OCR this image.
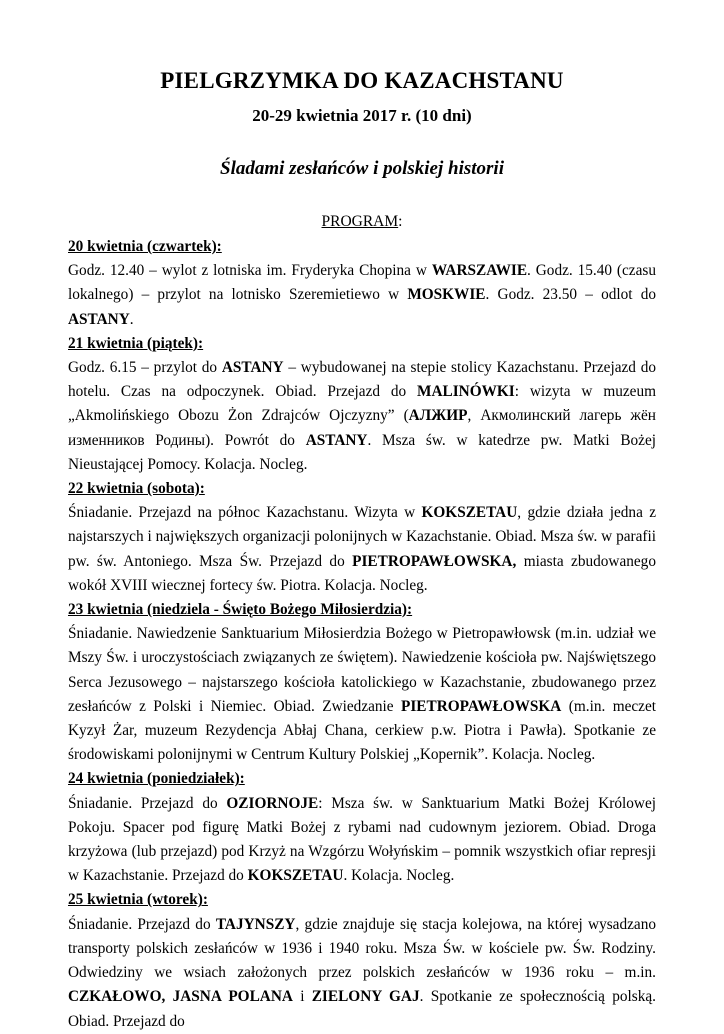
PIELGRZYMKA DO KAZACHSTANU
20-29 kwietnia 2017 r. (10 dni)
Śladami zesłańców i polskiej historii
PROGRAM:
20 kwietnia (czwartek):
Godz. 12.40 – wylot z lotniska im. Fryderyka Chopina w WARSZAWIE. Godz. 15.40 (czasu lokalnego) – przylot na lotnisko Szeremietiewo w MOSKWIE. Godz. 23.50 – odlot do ASTANY.
21 kwietnia (piątek):
Godz. 6.15 – przylot do ASTANY – wybudowanej na stepie stolicy Kazachstanu. Przejazd do hotelu. Czas na odpoczynek. Obiad. Przejazd do MALINÓWKI: wizyta w muzeum „Akmolińskiego Obozu Żon Zdrajców Ojczyzny” (АЛЖИР, Акмолинский лагерь жён изменников Родины). Powrót do ASTANY. Msza św. w katedrze pw. Matki Bożej Nieustającej Pomocy. Kolacja. Nocleg.
22 kwietnia (sobota):
Śniadanie. Przejazd na północ Kazachstanu. Wizyta w KOKSZETAU, gdzie działa jedna z najstarszych i największych organizacji polonijnych w Kazachstanie. Obiad. Msza św. w parafii pw. św. Antoniego. Msza Św. Przejazd do PIETROPAWŁOWSKA, miasta zbudowanego wokół XVIII wiecznej fortecy św. Piotra. Kolacja. Nocleg.
23 kwietnia (niedziela - Święto Bożego Miłosierdzia):
Śniadanie. Nawiedzenie Sanktuarium Miłosierdzia Bożego w Pietropawłowsk (m.in. udział we Mszy Św. i uroczystościach związanych ze świętem). Nawiedzenie kościoła pw. Najświętszego Serca Jezusowego – najstarszego kościoła katolickiego w Kazachstanie, zbudowanego przez zesłańców z Polski i Niemiec. Obiad. Zwiedzanie PIETROPAWŁOWSKA (m.in. meczet Kyzył Żar, muzeum Rezydencja Abłaj Chana, cerkiew p.w. Piotra i Pawła). Spotkanie ze środowiskami polonijnymi w Centrum Kultury Polskiej „Kopernik”. Kolacja. Nocleg.
24 kwietnia (poniedziałek):
Śniadanie. Przejazd do OZIORNOJE: Msza św. w Sanktuarium Matki Bożej Królowej Pokoju. Spacer pod figurę Matki Bożej z rybami nad cudownym jeziorem. Obiad. Droga krzyżowa (lub przejazd) pod Krzyż na Wzgórzu Wołyńskim – pomnik wszystkich ofiar represji w Kazachstanie. Przejazd do KOKSZETAU. Kolacja. Nocleg.
25 kwietnia (wtorek):
Śniadanie. Przejazd do TAJYNSZY, gdzie znajduje się stacja kolejowa, na której wysadzano transporty polskich zesłańców w 1936 i 1940 roku. Msza Św. w kościele pw. Św. Rodziny. Odwiedziny we wsiach założonych przez polskich zesłańców w 1936 roku – m.in. CZKAŁOWO, JASNA POLANA i ZIELONY GAJ. Spotkanie ze społecznością polską. Obiad. Przejazd do
